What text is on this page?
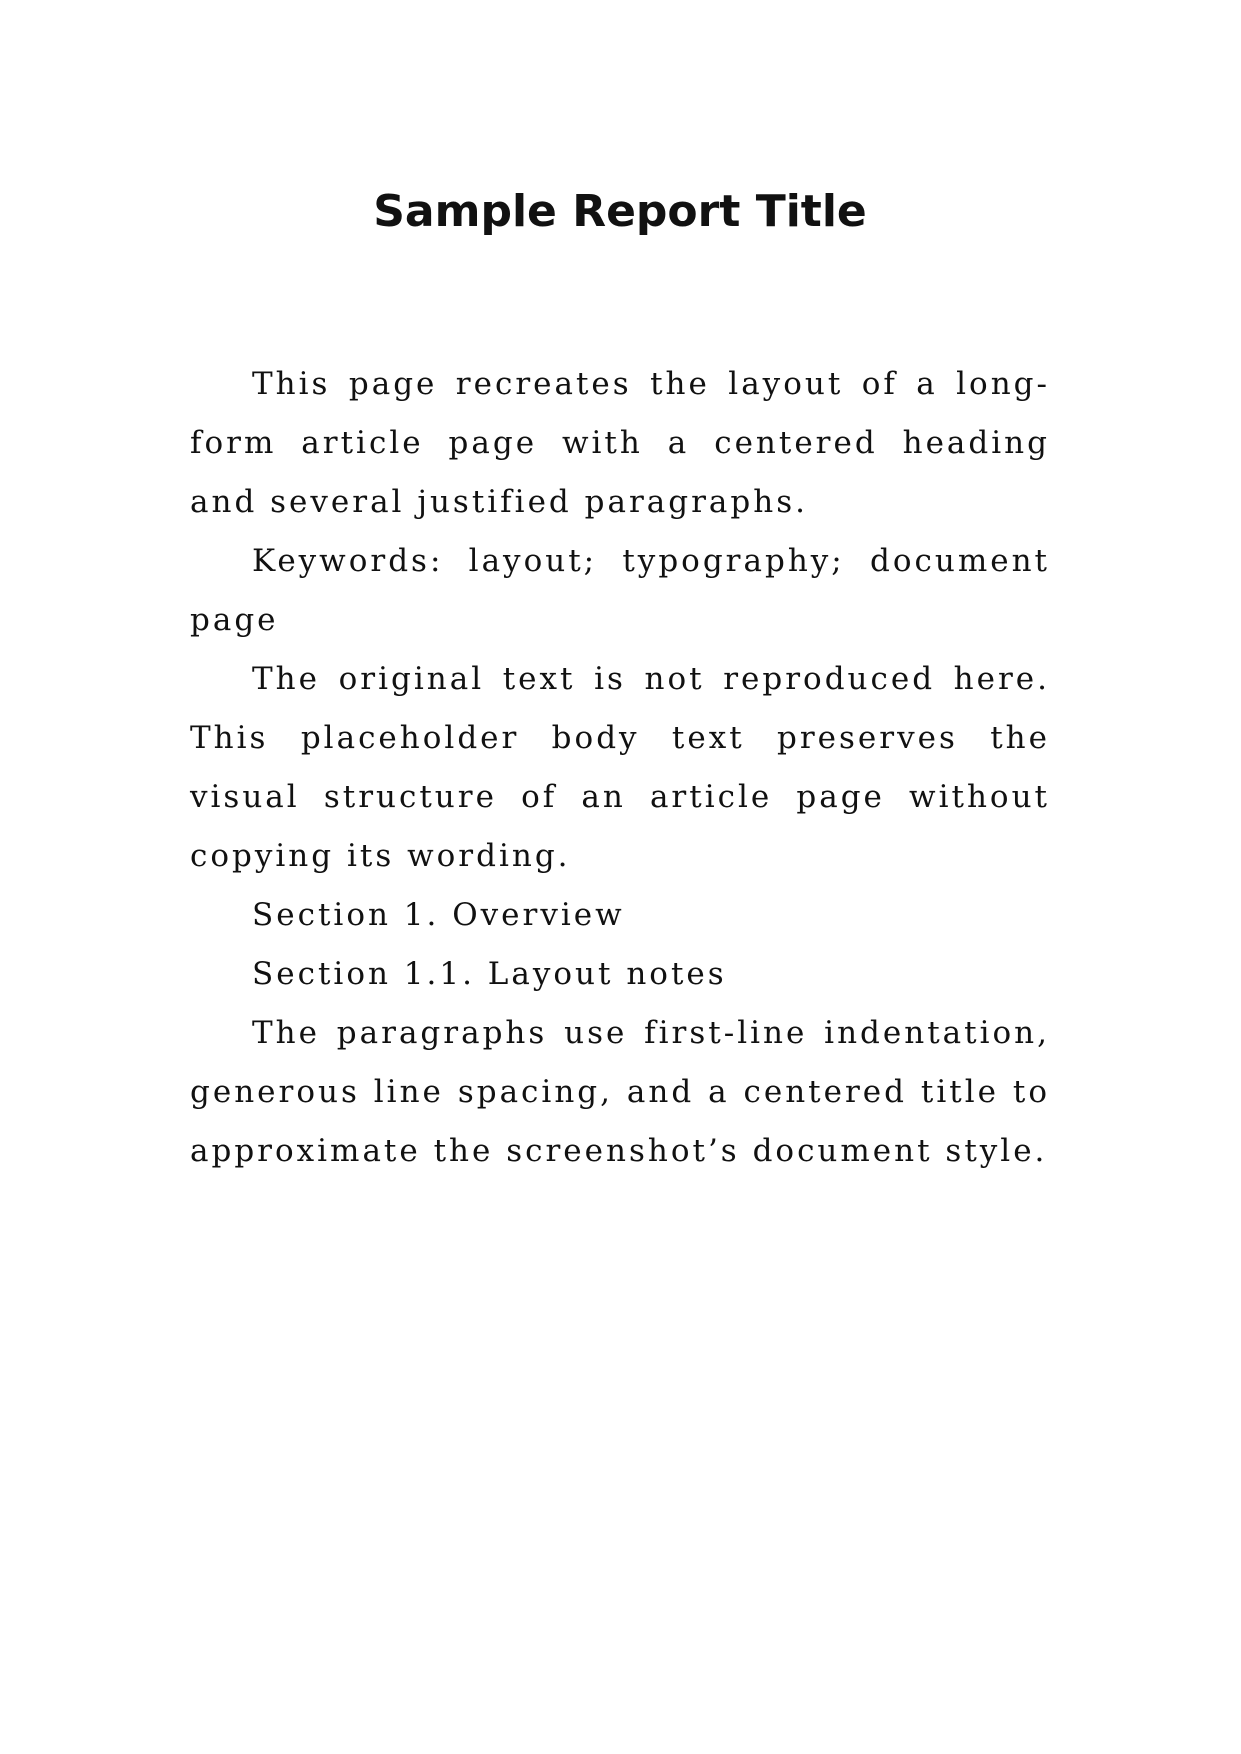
Sample Report Title

This page recreates the layout of a long-form article page with a centered heading and several justified paragraphs.

Keywords: layout; typography; document page

The original text is not reproduced here. This placeholder body text preserves the visual structure of an article page without copying its wording.

Section 1. Overview

Section 1.1. Layout notes

The paragraphs use first-line indentation, generous line spacing, and a centered title to approximate the screenshot’s document style.
